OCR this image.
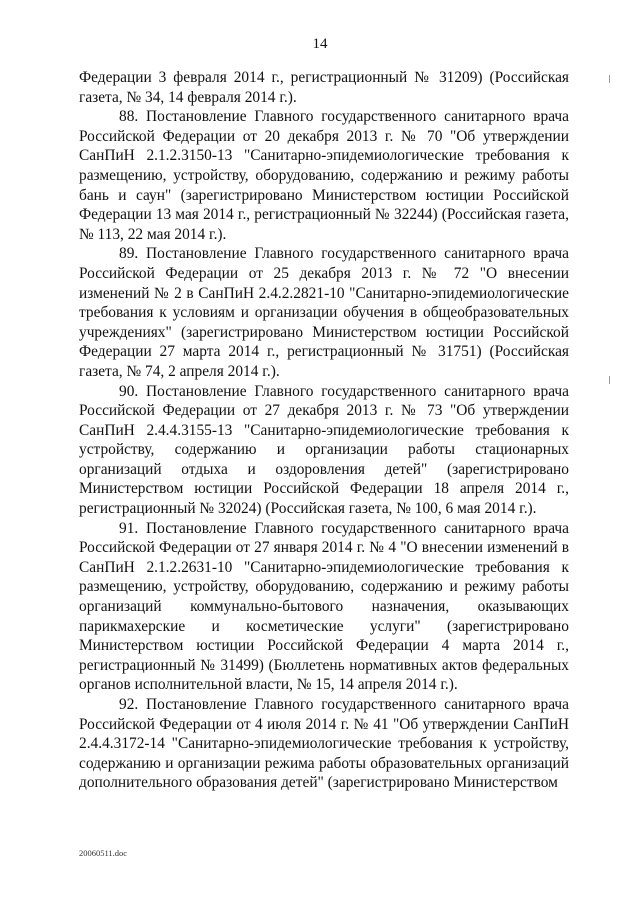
14

Федерации 3 февраля 2014 г., регистрационный № 31209) (Российская газета, № 34, 14 февраля 2014 г.).

88. Постановление Главного государственного санитарного врача Российской Федерации от 20 декабря 2013 г. № 70 "Об утверждении СанПиН 2.1.2.3150-13 "Санитарно-эпидемиологические требования к размещению, устройству, оборудованию, содержанию и режиму работы бань и саун" (зарегистрировано Министерством юстиции Российской Федерации 13 мая 2014 г., регистрационный № 32244) (Российская газета, № 113, 22 мая 2014 г.).

89. Постановление Главного государственного санитарного врача Российской Федерации от 25 декабря 2013 г. № 72 "О внесении изменений № 2 в СанПиН 2.4.2.2821-10 "Санитарно-эпидемиологические требования к условиям и организации обучения в общеобразовательных учреждениях" (зарегистрировано Министерством юстиции Российской Федерации 27 марта 2014 г., регистрационный № 31751) (Российская газета, № 74, 2 апреля 2014 г.).

90. Постановление Главного государственного санитарного врача Российской Федерации от 27 декабря 2013 г. № 73 "Об утверждении СанПиН 2.4.4.3155-13 "Санитарно-эпидемиологические требования к устройству, содержанию и организации работы стационарных организаций отдыха и оздоровления детей" (зарегистрировано Министерством юстиции Российской Федерации 18 апреля 2014 г., регистрационный № 32024) (Российская газета, № 100, 6 мая 2014 г.).

91. Постановление Главного государственного санитарного врача Российской Федерации от 27 января 2014 г. № 4 "О внесении изменений в СанПиН 2.1.2.2631-10 "Санитарно-эпидемиологические требования к размещению, устройству, оборудованию, содержанию и режиму работы организаций коммунально-бытового назначения, оказывающих парикмахерские и косметические услуги" (зарегистрировано Министерством юстиции Российской Федерации 4 марта 2014 г., регистрационный № 31499) (Бюллетень нормативных актов федеральных органов исполнительной власти, № 15, 14 апреля 2014 г.).

92. Постановление Главного государственного санитарного врача Российской Федерации от 4 июля 2014 г. № 41 "Об утверждении СанПиН 2.4.4.3172-14 "Санитарно-эпидемиологические требования к устройству, содержанию и организации режима работы образовательных организаций дополнительного образования детей" (зарегистрировано Министерством

20060511.doc
